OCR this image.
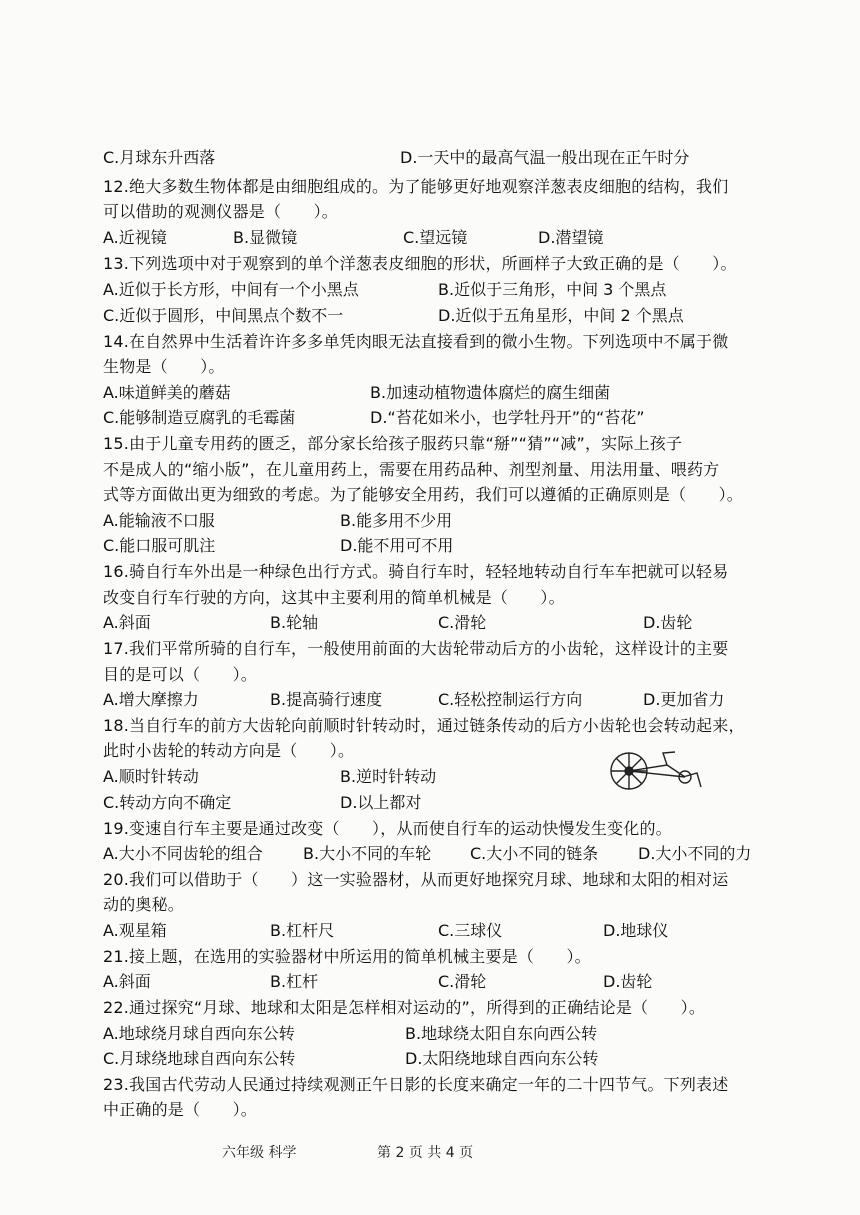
C.月球东升西落	D.一天中的最高气温一般出现在正午时分
12.绝大多数生物体都是由细胞组成的。为了能够更好地观察洋葱表皮细胞的结构，我们
可以借助的观测仪器是（　　）。
A.近视镜	B.显微镜	C.望远镜	D.潜望镜
13.下列选项中对于观察到的单个洋葱表皮细胞的形状，所画样子大致正确的是（　　）。
A.近似于长方形，中间有一个小黑点	B.近似于三角形，中间 3 个黑点
C.近似于圆形，中间黑点个数不一	D.近似于五角星形，中间 2 个黑点
14.在自然界中生活着许许多多单凭肉眼无法直接看到的微小生物。下列选项中不属于微
生物是（　　）。
A.味道鲜美的蘑菇	B.加速动植物遗体腐烂的腐生细菌
C.能够制造豆腐乳的毛霉菌	D.“苔花如米小，也学牡丹开”的“苔花”
15.由于儿童专用药的匮乏，部分家长给孩子服药只靠“掰”“猜”“减”，实际上孩子
不是成人的“缩小版”，在儿童用药上，需要在用药品种、剂型剂量、用法用量、喂药方
式等方面做出更为细致的考虑。为了能够安全用药，我们可以遵循的正确原则是（　　）。
A.能输液不口服	B.能多用不少用
C.能口服可肌注	D.能不用可不用
16.骑自行车外出是一种绿色出行方式。骑自行车时，轻轻地转动自行车车把就可以轻易
改变自行车行驶的方向，这其中主要利用的简单机械是（　　）。
A.斜面	B.轮轴	C.滑轮	D.齿轮
17.我们平常所骑的自行车，一般使用前面的大齿轮带动后方的小齿轮，这样设计的主要
目的是可以（　　）。
A.增大摩擦力	B.提高骑行速度	C.轻松控制运行方向	D.更加省力
18.当自行车的前方大齿轮向前顺时针转动时，通过链条传动的后方小齿轮也会转动起来，
此时小齿轮的转动方向是（　　）。
A.顺时针转动	B.逆时针转动
C.转动方向不确定	D.以上都对
19.变速自行车主要是通过改变（　　），从而使自行车的运动快慢发生变化的。
A.大小不同齿轮的组合	B.大小不同的车轮 C.大小不同的链条 D.大小不同的力
20.我们可以借助于（　　）这一实验器材，从而更好地探究月球、地球和太阳的相对运
动的奥秘。
A.观星箱	B.杠杆尺	C.三球仪	D.地球仪
21.接上题，在选用的实验器材中所运用的简单机械主要是（　　）。
A.斜面	B.杠杆	C.滑轮	D.齿轮
22.通过探究“月球、地球和太阳是怎样相对运动的”，所得到的正确结论是（　　）。
A.地球绕月球自西向东公转	B.地球绕太阳自东向西公转
C.月球绕地球自西向东公转	D.太阳绕地球自西向东公转
23.我国古代劳动人民通过持续观测正午日影的长度来确定一年的二十四节气。下列表述
中正确的是（　　）。
六年级 科学	第 2 页 共 4 页
